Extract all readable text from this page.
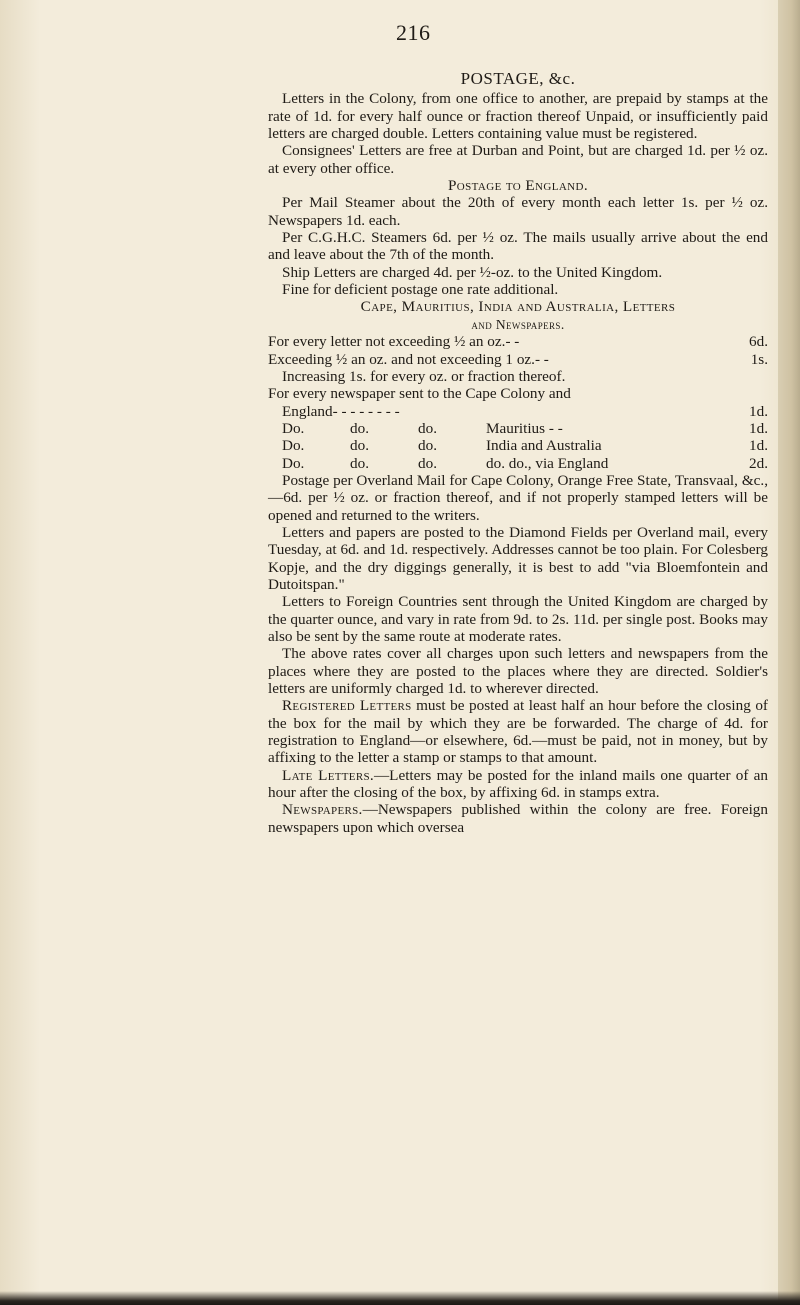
216
POSTAGE, &c.

Letters in the Colony, from one office to another, are prepaid by stamps at the rate of 1d. for every half ounce or fraction thereof Unpaid, or insufficiently paid letters are charged double. Letters containing value must be registered.

Consignees' Letters are free at Durban and Point, but are charged 1d. per ½ oz. at every other office.

Postage to England.

Per Mail Steamer about the 20th of every month each letter 1s. per ½ oz. Newspapers 1d. each.

Per C.G.H.C. Steamers 6d. per ½ oz. The mails usually arrive about the end and leave about the 7th of the month.

Ship Letters are charged 4d. per ½-oz. to the United Kingdom.

Fine for deficient postage one rate additional.

Cape, Mauritius, India and Australia, Letters
and Newspapers.
For every letter not exceeding ½ an oz. - -	6d.
Exceeding ½ an oz. and not exceeding 1 oz. - -	1s.
Increasing 1s. for every oz. or fraction thereof.
For every newspaper sent to the Cape Colony and
England - - - - - - - -	1d.
Do.	do.	do.	Mauritius - -	1d.
Do.	do.	do.	India and Australia	1d.
Do.	do.	do.	do. do., via England	2d.

Postage per Overland Mail for Cape Colony, Orange Free State, Transvaal, &c.,—6d. per ½ oz. or fraction thereof, and if not properly stamped letters will be opened and returned to the writers.

Letters and papers are posted to the Diamond Fields per Overland mail, every Tuesday, at 6d. and 1d. respectively. Addresses cannot be too plain. For Colesberg Kopje, and the dry diggings generally, it is best to add "via Bloemfontein and Dutoitspan."

Letters to Foreign Countries sent through the United Kingdom are charged by the quarter ounce, and vary in rate from 9d. to 2s. 11d. per single post. Books may also be sent by the same route at moderate rates.

The above rates cover all charges upon such letters and newspapers from the places where they are posted to the places where they are directed. Soldier's letters are uniformly charged 1d. to wherever directed.

Registered Letters must be posted at least half an hour before the closing of the box for the mail by which they are be forwarded. The charge of 4d. for registration to England—or elsewhere, 6d.—must be paid, not in money, but by affixing to the letter a stamp or stamps to that amount.

Late Letters.—Letters may be posted for the inland mails one quarter of an hour after the closing of the box, by affixing 6d. in stamps extra.

Newspapers.—Newspapers published within the colony are free. Foreign newspapers upon which oversea
